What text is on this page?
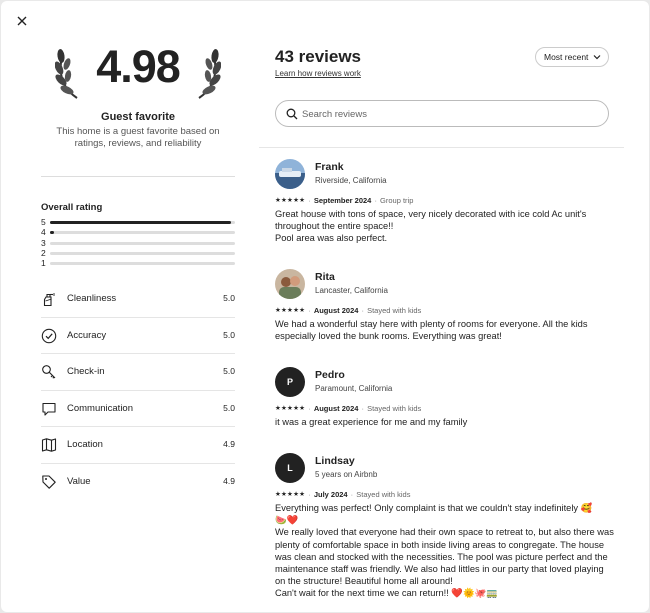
4.98
Guest favorite
This home is a guest favorite based on ratings, reviews, and reliability
Overall rating
5
4
3
2
1
Cleanliness	5.0
Accuracy	5.0
Check-in	5.0
Communication	5.0
Location	4.9
Value	4.9
43 reviews
Learn how reviews work
Most recent
Search reviews
Frank
Riverside, California
★★★★★ · September 2024 · Group trip

Great house with tons of space, very nicely decorated with ice cold Ac unit's throughout the entire space!!

Pool area was also perfect.

Rita
Lancaster, California
★★★★★ · August 2024 · Stayed with kids

We had a wonderful stay here with plenty of rooms for everyone. All the kids especially loved the bunk rooms. Everything was great!

P
Pedro
Paramount, California
★★★★★ · August 2024 · Stayed with kids

it was a great experience for me and my family

L
Lindsay
5 years on Airbnb
★★★★★ · July 2024 · Stayed with kids

Everything was perfect! Only complaint is that we couldn't stay indefinitely 🥰

🍉❤️

We really loved that everyone had their own space to retreat to, but also there was plenty of comfortable space in both inside living areas to congregate. The house was clean and stocked with the necessities. The pool was picture perfect and the maintenance staff was friendly. We also had littles in our party that loved playing on the structure! Beautiful home all around!

Can't wait for the next time we can return!! ❤️🌞🐙🚃
